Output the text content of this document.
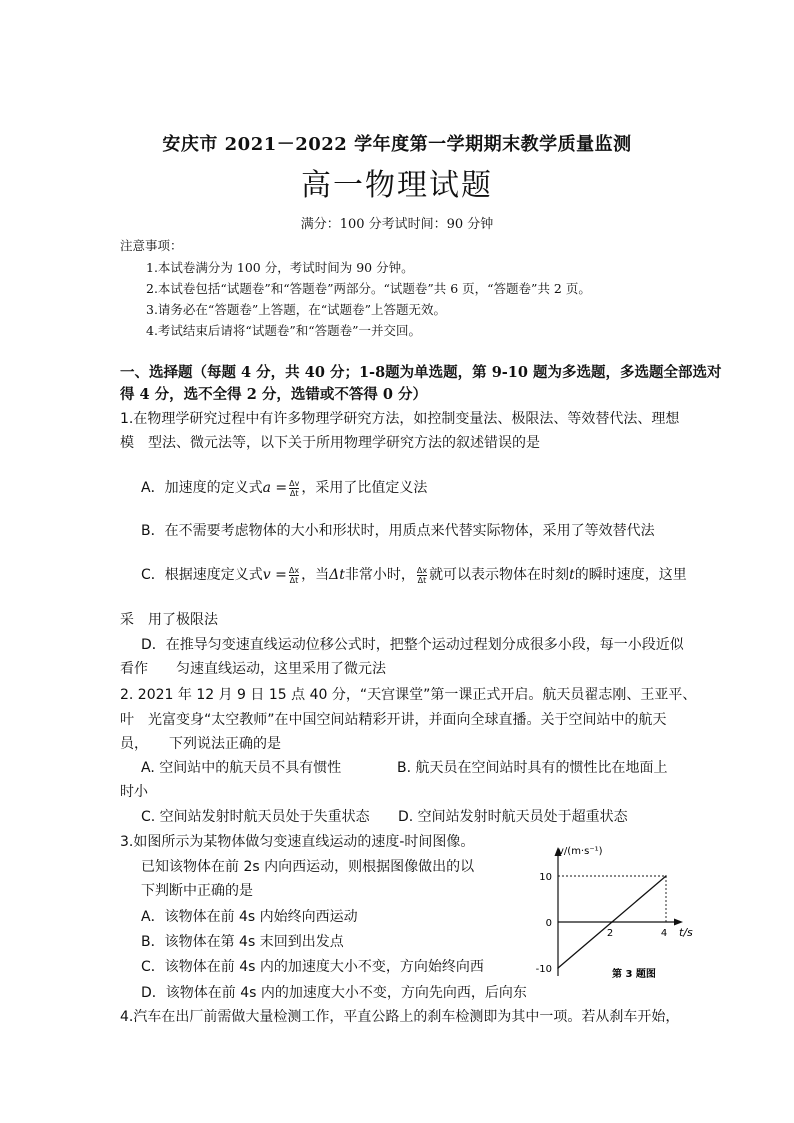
安庆市 2021－2022 学年度第一学期期末教学质量监测
高一物理试题
满分：100 分考试时间：90 分钟
注意事项：
1.本试卷满分为 100 分，考试时间为 90 分钟。
2.本试卷包括“试题卷”和“答题卷”两部分。“试题卷”共 6 页，“答题卷”共 2 页。
3.请务必在“答题卷”上答题，在“试题卷”上答题无效。
4.考试结束后请将“试题卷”和“答题卷”一并交回。
一、选择题（每题 4 分，共 40 分；1-8题为单选题，第 9-10 题为多选题，多选题全部选对
得 4 分，选不全得 2 分，选错或不答得 0 分）
1.在物理学研究过程中有许多物理学研究方法，如控制变量法、极限法、等效替代法、理想
模　型法、微元法等，以下关于所用物理学研究方法的叙述错误的是
A．加速度的定义式$a = \frac{\Delta v}{\Delta t}$ ，采用了比值定义法
B．在不需要考虑物体的大小和形状时，用质点来代替实际物体，采用了等效替代法
C．根据速度定义式$v = \frac{\Delta x}{\Delta t}$ ，当Δt非常小时， $\frac{\Delta x}{\Delta t}$ 就可以表示物体在时刻t的瞬时速度，这里
采　用了极限法
D．在推导匀变速直线运动位移公式时，把整个运动过程划分成很多小段，每一小段近似
看作　　匀速直线运动，这里采用了微元法
2. 2021 年 12 月 9 日 15 点 40 分，“天宫课堂”第一课正式开启。航天员翟志刚、王亚平、
叶　光富变身“太空教师”在中国空间站精彩开讲，并面向全球直播。关于空间站中的航天
员，　　下列说法正确的是
A. 空间站中的航天员不具有惯性	B. 航天员在空间站时具有的惯性比在地面上
时小
C. 空间站发射时航天员处于失重状态 D. 空间站发射时航天员处于超重状态
3.如图所示为某物体做匀变速直线运动的速度-时间图像。
已知该物体在前 2s 内向西运动，则根据图像做出的以
下判断中正确的是
A．该物体在前 4s 内始终向西运动
B．该物体在第 4s 末回到出发点
C．该物体在前 4s 内的加速度大小不变，方向始终向西
D．该物体在前 4s 内的加速度大小不变，方向先向西，后向东
4.汽车在出厂前需做大量检测工作，平直公路上的刹车检测即为其中一项。若从刹车开始，
10
0
-10
2	4
v/(m·s⁻¹)
t/s
第 3 题图
